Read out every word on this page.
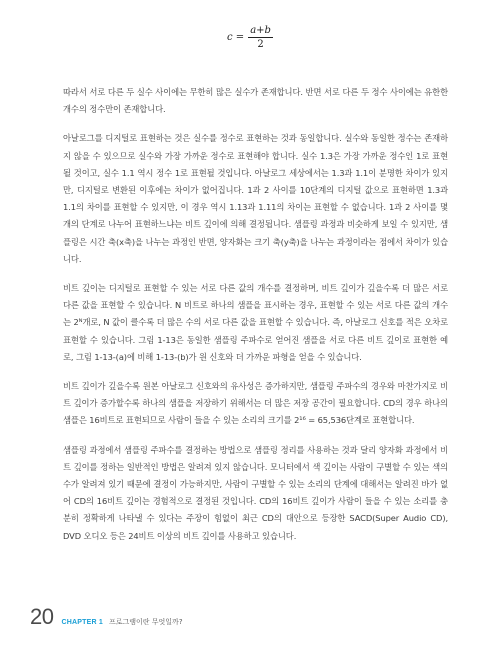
$c = \frac{a+b}{2}$

따라서 서로 다른 두 실수 사이에는 무한히 많은 실수가 존재합니다. 반면 서로 다른 두 정수 사이에는 유한한 개수의 정수만이 존재합니다.

아날로그를 디지털로 표현하는 것은 실수를 정수로 표현하는 것과 동일합니다. 실수와 동일한 정수는 존재하지 않을 수 있으므로 실수와 가장 가까운 정수로 표현해야 합니다. 실수 1.3은 가장 가까운 정수인 1로 표현될 것이고, 실수 1.1 역시 정수 1로 표현될 것입니다. 아날로그 세상에서는 1.3과 1.1이 분명한 차이가 있지만, 디지털로 변환된 이후에는 차이가 없어집니다. 1과 2 사이를 10단계의 디지털 값으로 표현하면 1.3과 1.1의 차이를 표현할 수 있지만, 이 경우 역시 1.13과 1.11의 차이는 표현할 수 없습니다. 1과 2 사이를 몇 개의 단계로 나누어 표현하느냐는 비트 깊이에 의해 결정됩니다. 샘플링 과정과 비슷하게 보일 수 있지만, 샘플링은 시간 축(x축)을 나누는 과정인 반면, 양자화는 크기 축(y축)을 나누는 과정이라는 점에서 차이가 있습니다.

비트 깊이는 디지털로 표현할 수 있는 서로 다른 값의 개수를 결정하며, 비트 깊이가 깊을수록 더 많은 서로 다른 값을 표현할 수 있습니다. N 비트로 하나의 샘플을 표시하는 경우, 표현할 수 있는 서로 다른 값의 개수는 2ᴺ개로, N 값이 클수록 더 많은 수의 서로 다른 값을 표현할 수 있습니다. 즉, 아날로그 신호를 적은 오차로 표현할 수 있습니다. 그림 1-13은 동일한 샘플링 주파수로 얻어진 샘플을 서로 다른 비트 깊이로 표현한 예로, 그림 1-13-(a)에 비해 1-13-(b)가 원 신호와 더 가까운 파형을 얻을 수 있습니다.

비트 깊이가 깊을수록 원본 아날로그 신호와의 유사성은 증가하지만, 샘플링 주파수의 경우와 마찬가지로 비트 깊이가 증가할수록 하나의 샘플을 저장하기 위해서는 더 많은 저장 공간이 필요합니다. CD의 경우 하나의 샘플은 16비트로 표현되므로 사람이 들을 수 있는 소리의 크기를 2¹⁶ = 65,536단계로 표현합니다.

샘플링 과정에서 샘플링 주파수를 결정하는 방법으로 샘플링 정리를 사용하는 것과 달리 양자화 과정에서 비트 깊이를 정하는 일반적인 방법은 알려져 있지 않습니다. 모니터에서 색 깊이는 사람이 구별할 수 있는 색의 수가 알려져 있기 때문에 결정이 가능하지만, 사람이 구별할 수 있는 소리의 단계에 대해서는 알려진 바가 없어 CD의 16비트 깊이는 경험적으로 결정된 것입니다. CD의 16비트 깊이가 사람이 들을 수 있는 소리를 충분히 정확하게 나타낼 수 있다는 주장이 힘없이 최근 CD의 대안으로 등장한 SACD(Super Audio CD), DVD 오디오 등은 24비트 이상의 비트 깊이를 사용하고 있습니다.

20 CHAPTER 1 프로그램이란 무엇일까?
